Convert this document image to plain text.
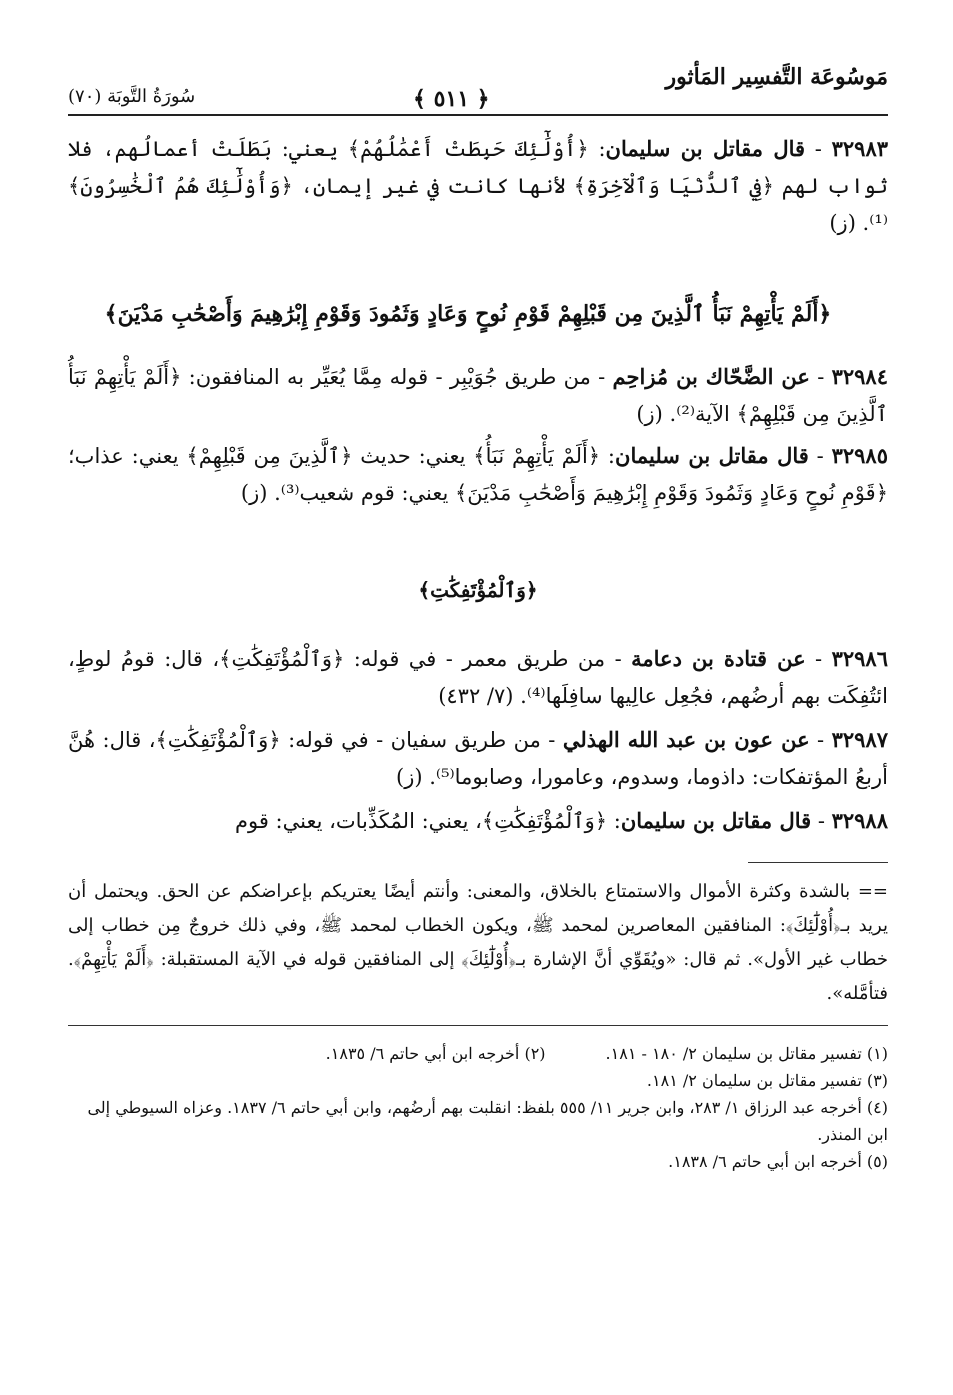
مَوسُوعَة التَّفسِير المَأثور
﴿ ٥١١ ﴾
سُورَةُ التَّوبَة (٧٠)

٣٢٩٨٣ - قال مقاتل بن سليمان: ﴿أُوْلَٰٓئِكَ حَبِطَتْ أَعْمَٰلُهُمْ﴾ يعني: بَطَلَتْ أعمالُهم، فلا ثواب لهم ﴿فِي ٱلدُّنْيَا وَٱلْآخِرَةِ﴾ لأنها كانت في غير إيمان، ﴿وَأُوْلَٰٓئِكَ هُمُ ٱلْخَٰسِرُونَ﴾⁽¹⁾. (ز)

﴿أَلَمْ يَأْتِهِمْ نَبَأُ ٱلَّذِينَ مِن قَبْلِهِمْ قَوْمِ نُوحٍ وَعَادٍ وَثَمُودَ وَقَوْمِ إِبْرَٰهِيمَ وَأَصْحَٰبِ مَدْيَنَ﴾

٣٢٩٨٤ - عن الضَّحّاك بن مُزاحِم - من طريق جُوَيْبِر - قوله مِمَّا يُعَيِّر به المنافقون: ﴿أَلَمْ يَأْتِهِمْ نَبَأُ ٱلَّذِينَ مِن قَبْلِهِمْ﴾ الآية⁽²⁾. (ز)

٣٢٩٨٥ - قال مقاتل بن سليمان: ﴿أَلَمْ يَأْتِهِمْ نَبَأُ﴾ يعني: حديث ﴿ٱلَّذِينَ مِن قَبْلِهِمْ﴾ يعني: عذاب؛ ﴿قَوْمِ نُوحٍ وَعَادٍ وَثَمُودَ وَقَوْمِ إِبْرَٰهِيمَ وَأَصْحَٰبِ مَدْيَنَ﴾ يعني: قوم شعيب⁽³⁾. (ز)

﴿وَٱلْمُؤْتَفِكَٰتِ﴾

٣٢٩٨٦ - عن قتادة بن دعامة - من طريق معمر - في قوله: ﴿وَٱلْمُؤْتَفِكَٰتِ﴾، قال: قومُ لوطٍ، ائتُفِكَت بهم أرضُهم، فجُعِل عالِيها سافِلَها⁽⁴⁾. (٧/ ٤٣٢)

٣٢٩٨٧ - عن عون بن عبد الله الهذلي - من طريق سفيان - في قوله: ﴿وَٱلْمُؤْتَفِكَٰتِ﴾، قال: هُنَّ أربعُ المؤتفكات: داذوما، وسدوم، وعامورا، وصابوما⁽⁵⁾. (ز)

٣٢٩٨٨ - قال مقاتل بن سليمان: ﴿وَٱلْمُؤْتَفِكَٰتِ﴾، يعني: المُكَذِّبات، يعني: قوم

== بالشدة وكثرة الأموال والاستمتاع بالخلاق، والمعنى: وأنتم أيضًا يعتريكم بإعراضكم عن الحق. ويحتمل أن يريد بـ﴿أُوْلَٰٓئِكَ﴾: المنافقين المعاصرين لمحمد ﷺ، ويكون الخطاب لمحمد ﷺ، وفي ذلك خروجٌ مِن خطاب إلى خطاب غير الأول». ثم قال: «ويُقَوِّي أنَّ الإشارة بـ﴿أُوْلَٰٓئِكَ﴾ إلى المنافقين قوله في الآية المستقبلة: ﴿أَلَمْ يَأْتِهِمْ﴾. فتأمَّله».

(١) تفسير مقاتل بن سليمان ٢/ ١٨٠ - ١٨١.

(٢) أخرجه ابن أبي حاتم ٦/ ١٨٣٥.

(٣) تفسير مقاتل بن سليمان ٢/ ١٨١.

(٤) أخرجه عبد الرزاق ١/ ٢٨٣، وابن جرير ١١/ ٥٥٥ بلفظ: انقلبت بهم أرضُهم، وابن أبي حاتم ٦/ ١٨٣٧. وعزاه السيوطي إلى ابن المنذر.

(٥) أخرجه ابن أبي حاتم ٦/ ١٨٣٨.
